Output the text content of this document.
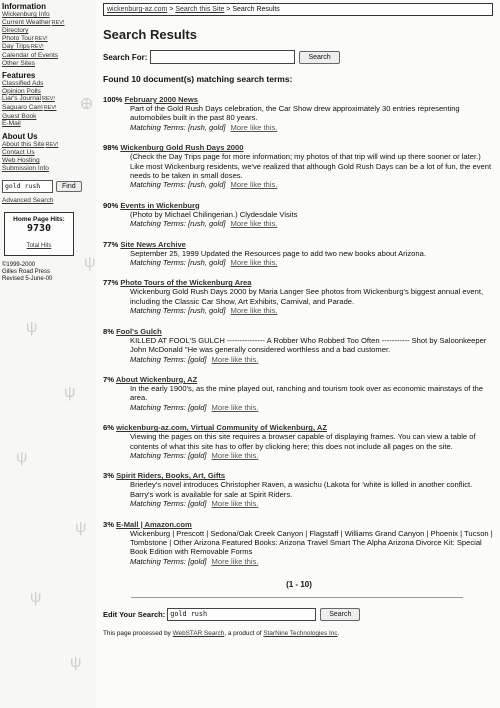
𐃏
ψ
ψ
ψ
ψ
ψ
ψ
ψ
Information
Wickenburg Info
Current WeatherREV!
Directory
Photo TourREV!
Day TripsREV!
Calendar of Events
Other Sites
Features
Classified Ads
Opinion Polls
Liar's JournalREV!
Saguaro CamREV!
Guest Book
E-Mail
About Us
About this SiteREV!
Contact Us
Web Hosting
Submission Info
gold rush	Find
Advanced Search
Home Page Hits:
9730
Total Hits
©1999-2000
Gilles Road Press
Revised 5-June-00
wickenburg-az.com > Search this Site > Search Results
Search Results
Search For:	Search
Found 10 document(s) matching search terms:
100% February 2000 News
Part of the Gold Rush Days celebration, the Car Show drew approximately 30 entries representing automobiles built in the past 80 years.
Matching Terms: [rush, gold] More like this.
98% Wickenburg Gold Rush Days 2000
(Check the Day Trips page for more information; my photos of that trip will wind up there sooner or later.) Like most Wickenburg residents, we've realized that although Gold Rush Days can be a lot of fun, the event needs to be taken in small doses.
Matching Terms: [rush, gold] More like this.
90% Events in Wickenburg
(Photo by Michael Chilingerian.) Clydesdale Visits
Matching Terms: [rush, gold] More like this.
77% Site News Archive
September 25, 1999 Updated the Resources page to add two new books about Arizona.
Matching Terms: [rush, gold] More like this.
77% Photo Tours of the Wickenburg Area
Wickenburg Gold Rush Days 2000 by Maria Langer See photos from Wickenburg's biggest annual event, including the Classic Car Show, Art Exhibits, Carnival, and Parade.
Matching Terms: [rush, gold] More like this.
8% Fool's Gulch
KILLED AT FOOL'S GULCH --------------- A Robber Who Robbed Too Often ----------- Shot by Saloonkeeper John McDonald "He was generally considered worthless and a bad customer.
Matching Terms: [gold] More like this.
7% About Wickenburg, AZ
In the early 1900's, as the mine played out, ranching and tourism took over as economic mainstays of the area.
Matching Terms: [gold] More like this.
6% wickenburg-az.com, Virtual Community of Wickenburg, AZ
Viewing the pages on this site requires a browser capable of displaying frames. You can view a table of contents of what this site has to offer by clicking here; this does not include all pages on the site.
Matching Terms: [gold] More like this.
3% Spirit Riders, Books, Art, Gifts
Brierley's novel introduces Christopher Raven, a wasichu (Lakota for 'white is killed in another conflict. Barry's work is available for sale at Spirit Riders.
Matching Terms: [gold] More like this.
3% E-Mall | Amazon.com
Wickenburg | Prescott | Sedona/Oak Creek Canyon | Flagstaff | Williams Grand Canyon | Phoenix | Tucson | Tombstone | Other Arizona Featured Books: Arizona Travel Smart The Alpha Arizona Divorce Kit: Special Book Edition with Removable Forms
Matching Terms: [gold] More like this.
(1 - 10)
Edit Your Search: gold rush	Search
This page processed by WebSTAR Search, a product of StarNine Technologies Inc.
